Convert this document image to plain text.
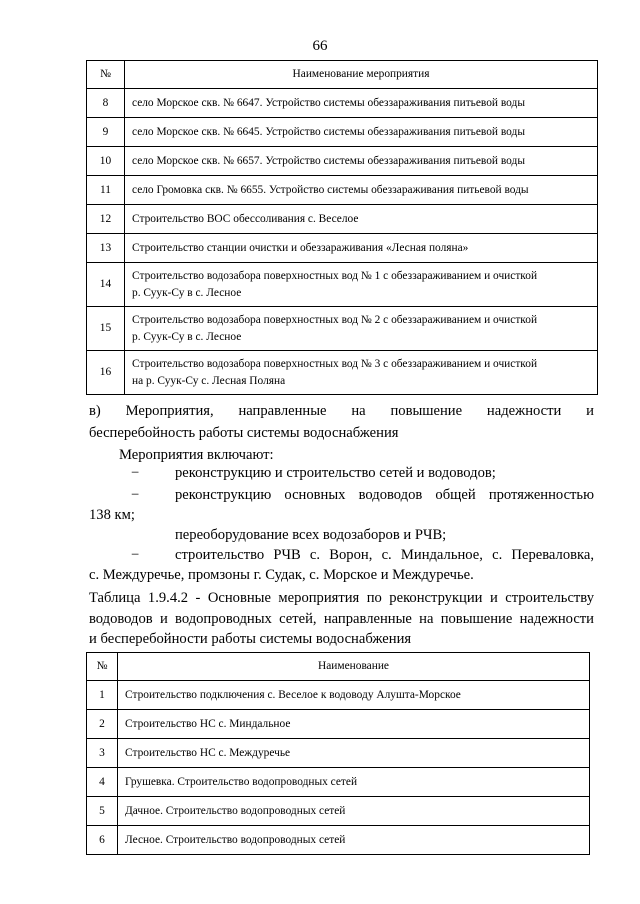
66
№	Наименование мероприятия
8	село Морское скв. № 6647. Устройство системы обеззараживания питьевой воды
9	село Морское скв. № 6645. Устройство системы обеззараживания питьевой воды
10	село Морское скв. № 6657. Устройство системы обеззараживания питьевой воды
11	село Громовка скв. № 6655. Устройство системы обеззараживания питьевой воды
12	Строительство ВОС обессоливания с. Веселое
13	Строительство станции очистки и обеззараживания «Лесная поляна»
14	Строительство водозабора поверхностных вод № 1 с обеззараживанием и очисткой
р. Суук-Су в с. Лесное
15	Строительство водозабора поверхностных вод № 2 с обеззараживанием и очисткой
р. Суук-Су в с. Лесное
16	Строительство водозабора поверхностных вод № 3 с обеззараживанием и очисткой
на р. Суук-Су с. Лесная Поляна
в) Мероприятия, направленные на повышение надежности и
бесперебойность работы системы водоснабжения
Мероприятия включают:
− реконструкцию и строительство сетей и водоводов;
−	реконструкцию основных водоводов общей протяженностью
138 км;
переоборудование всех водозаборов и РЧВ;
−	строительство РЧВ с. Ворон, с. Миндальное, с. Переваловка,
с. Междуречье, промзоны г. Судак, с. Морское и Междуречье.
Таблица 1.9.4.2 - Основные мероприятия по реконструкции и строительству
водоводов и водопроводных сетей, направленные на повышение надежности
и бесперебойности работы системы водоснабжения
№	Наименование
1	Строительство подключения с. Веселое к водоводу Алушта-Морское
2	Строительство НС с. Миндальное
3	Строительство НС с. Междуречье
4	Грушевка. Строительство водопроводных сетей
5	Дачное. Строительство водопроводных сетей
6	Лесное. Строительство водопроводных сетей
